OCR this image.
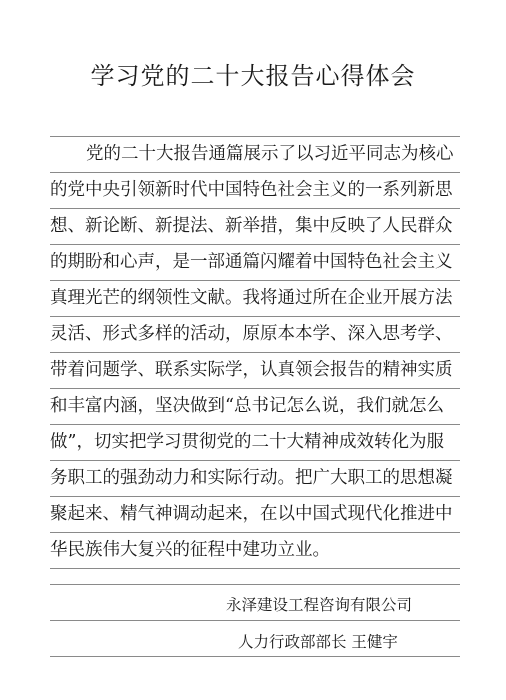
学习党的二十大报告心得体会
党的二十大报告通篇展示了以习近平同志为核心
的党中央引领新时代中国特色社会主义的一系列新思
想、新论断、新提法、新举措，集中反映了人民群众
的期盼和心声，是一部通篇闪耀着中国特色社会主义
真理光芒的纲领性文献。我将通过所在企业开展方法
灵活、形式多样的活动，原原本本学、深入思考学、
带着问题学、联系实际学，认真领会报告的精神实质
和丰富内涵，坚决做到“总书记怎么说，我们就怎么
做”，切实把学习贯彻党的二十大精神成效转化为服
务职工的强劲动力和实际行动。把广大职工的思想凝
聚起来、精气神调动起来，在以中国式现代化推进中
华民族伟大复兴的征程中建功立业。
永泽建设工程咨询有限公司
人力行政部部长 王健宇
